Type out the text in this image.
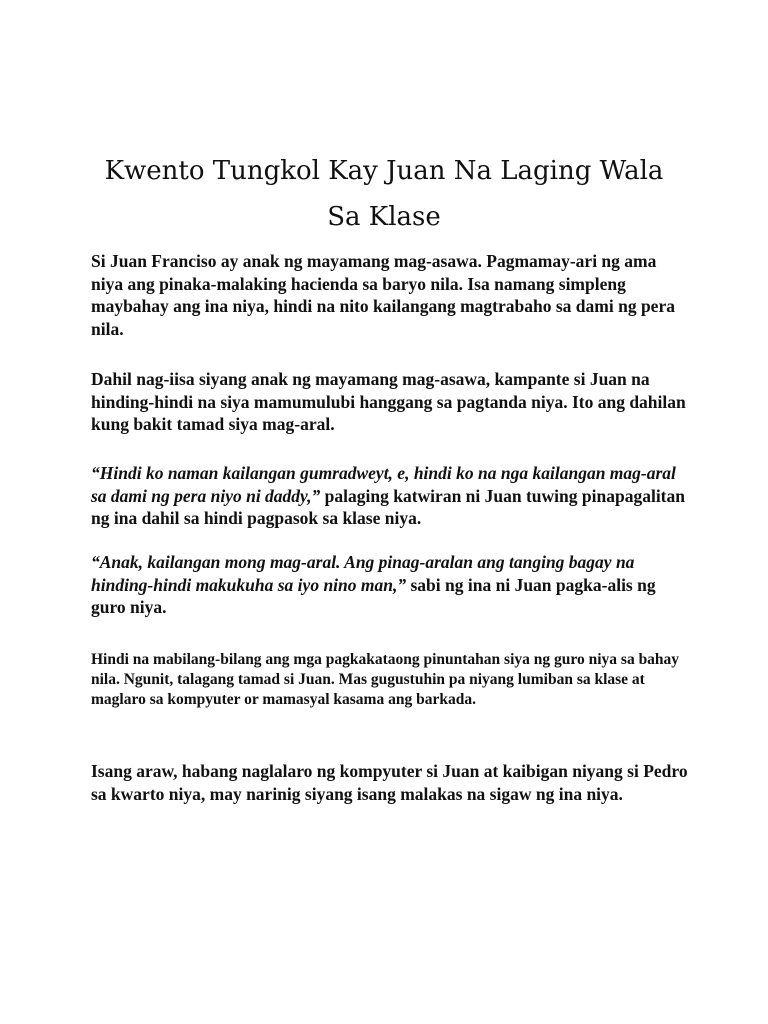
Kwento Tungkol Kay Juan Na Laging Wala
Sa Klase

Si Juan Franciso ay anak ng mayamang mag-asawa. Pagmamay-ari ng ama niya ang pinaka-malaking hacienda sa baryo nila. Isa namang simpleng maybahay ang ina niya, hindi na nito kailangang magtrabaho sa dami ng pera nila.

Dahil nag-iisa siyang anak ng mayamang mag-asawa, kampante si Juan na hinding-hindi na siya mamumulubi hanggang sa pagtanda niya. Ito ang dahilan kung bakit tamad siya mag-aral.

“Hindi ko naman kailangan gumradweyt, e, hindi ko na nga kailangan mag-aral sa dami ng pera niyo ni daddy,” palaging katwiran ni Juan tuwing pinapagalitan ng ina dahil sa hindi pagpasok sa klase niya.

“Anak, kailangan mong mag-aral. Ang pinag-aralan ang tanging bagay na hinding-hindi makukuha sa iyo nino man,” sabi ng ina ni Juan pagka-alis ng guro niya.

Hindi na mabilang-bilang ang mga pagkakataong pinuntahan siya ng guro niya sa bahay nila. Ngunit, talagang tamad si Juan. Mas gugustuhin pa niyang lumiban sa klase at maglaro sa kompyuter or mamasyal kasama ang barkada.

Isang araw, habang naglalaro ng kompyuter si Juan at kaibigan niyang si Pedro sa kwarto niya, may narinig siyang isang malakas na sigaw ng ina niya.
